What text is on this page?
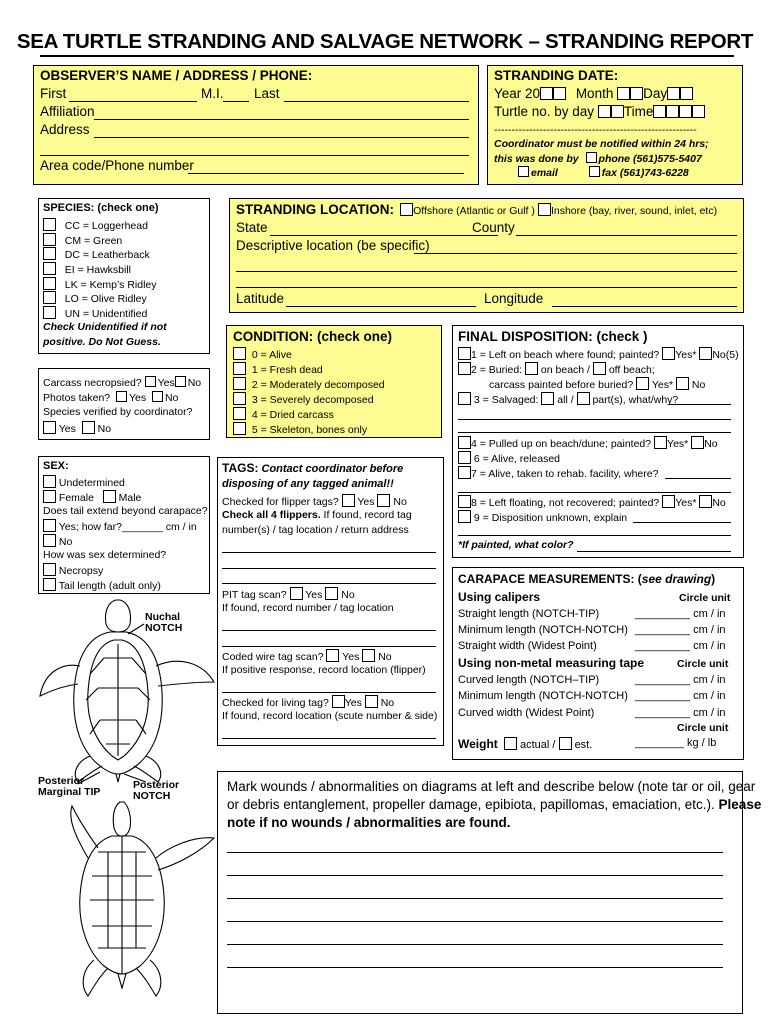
SEA TURTLE STRANDING AND SALVAGE NETWORK – STRANDING REPORT
OBSERVER’S NAME / ADDRESS / PHONE:
First	M.I. Last
Affiliation
Address
Area code/Phone number
STRANDING DATE:
Year 20	Month Day
Turtle no. by day Time
----------------------------------------------------------
Coordinator must be notified within 24 hrs;
this was done by phone (561)575-5407
email	fax (561)743-6228
SPECIES: (check one)
CC = Loggerhead
CM = Green
DC = Leatherback
EI = Hawksbill
LK = Kemp’s Ridley
LO = Olive Ridley
UN = Unidentified
Check Unidentified if not
positive. Do Not Guess.
Carcass necropsied? Yes No
Photos taken? Yes No
Species verified by coordinator?
Yes No
STRANDING LOCATION: Offshore (Atlantic or Gulf ) Inshore (bay, river, sound, inlet, etc)
State	County
Descriptive location (be specific)
Latitude	Longitude
CONDITION: (check one)
0 = Alive
1 = Fresh dead
2 = Moderately decomposed
3 = Severely decomposed
4 = Dried carcass
5 = Skeleton, bones only
FINAL DISPOSITION: (check )
1 = Left on beach where found; painted? Yes* No(5)
2 = Buried: on beach / off beach;
carcass painted before buried? Yes* No
3 = Salvaged: all / part(s), what/why?
4 = Pulled up on beach/dune; painted? Yes* No
6 = Alive, released
7 = Alive, taken to rehab. facility, where?
8 = Left floating, not recovered; painted? Yes* No
9 = Disposition unknown, explain
*If painted, what color?
SEX:
Undetermined
Female Male
Does tail extend beyond carapace?
Yes; how far?_______ cm / in
No
How was sex determined?
Necropsy
Tail length (adult only)
TAGS: Contact coordinator before
disposing of any tagged animal!!
Checked for flipper tags? Yes No
Check all 4 flippers. If found, record tag
number(s) / tag location / return address
PIT tag scan? Yes No
If found, record number / tag location
Coded wire tag scan? Yes No
If positive response, record location (flipper)
Checked for living tag? Yes No
If found, record location (scute number & side)
CARAPACE MEASUREMENTS: (see drawing)
Using calipers	Circle unit
Straight length (NOTCH-TIP)	_________ cm / in
Minimum length (NOTCH-NOTCH) _________ cm / in
Straight width (Widest Point)	_________ cm / in
Using non-metal measuring tape	Circle unit
Curved length (NOTCH–TIP)	_________ cm / in
Minimum length (NOTCH-NOTCH) _________ cm / in
Curved width (Widest Point)	_________ cm / in
Circle unit
Weight actual / est.	________ kg / lb
Mark wounds / abnormalities on diagrams at left and describe below (note tar or oil, gear
or debris entanglement, propeller damage, epibiota, papillomas, emaciation, etc.). Please
note if no wounds / abnormalities are found.
Nuchal
NOTCH
Posterior
Marginal TIP
Posterior
NOTCH
